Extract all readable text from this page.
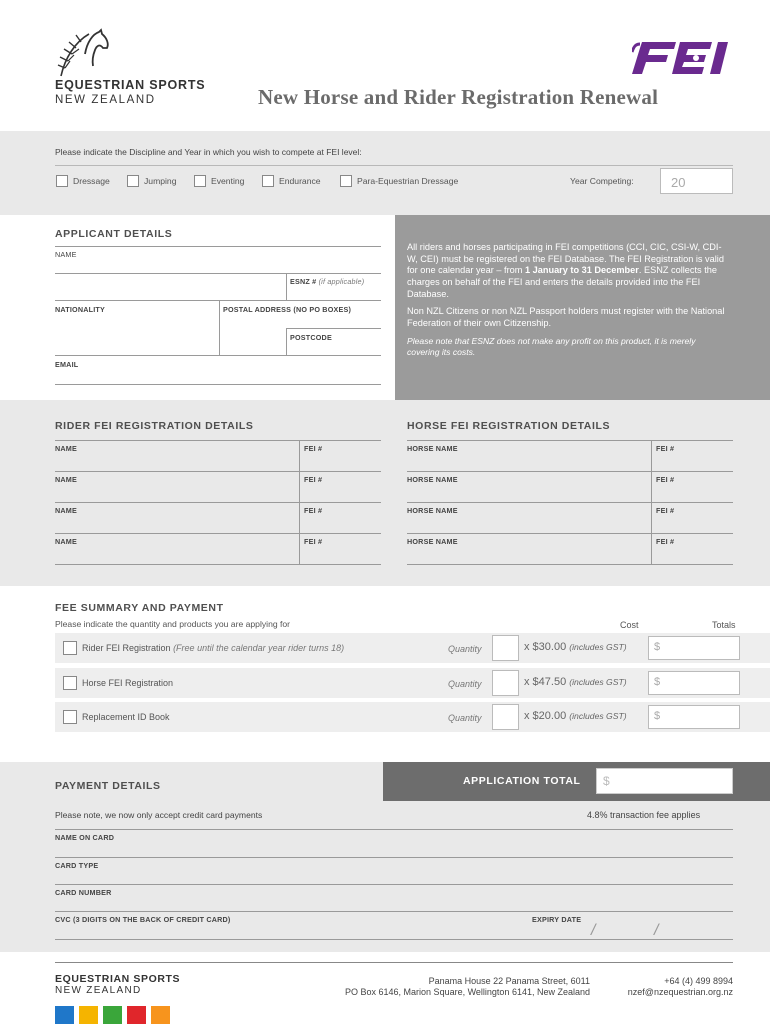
EQUESTRIAN SPORTS
NEW ZEALAND	New Horse and Rider Registration Renewal
Please indicate the Discipline and Year in which you wish to compete at FEI level:
Dressage	Jumping	Eventing	Endurance	Para-Equestrian Dressage	Year Competing:	20
APPLICANT DETAILS
NAME
ESNZ # (if applicable)
NATIONALITY	POSTAL ADDRESS (NO PO BOXES)
POSTCODE
EMAIL

All riders and horses participating in FEI competitions (CCI, CIC, CSI-W, CDI-W, CEI) must be registered on the FEI Database. The FEI Registration is valid for one calendar year – from 1 January to 31 December. ESNZ collects the charges on behalf of the FEI and enters the details provided into the FEI Database.

Non NZL Citizens or non NZL Passport holders must register with the National Federation of their own Citizenship.

Please note that ESNZ does not make any profit on this product, it is merely covering its costs.

RIDER FEI REGISTRATION DETAILS	HORSE FEI REGISTRATION DETAILS
NAME	FEI #	HORSE NAME	FEI #
NAME	FEI #	HORSE NAME	FEI #
NAME	FEI #	HORSE NAME	FEI #
NAME	FEI #	HORSE NAME	FEI #
FEE SUMMARY AND PAYMENT
Please indicate the quantity and products you are applying for	Cost	Totals
Rider FEI Registration (Free until the calendar year rider turns 18)	Quantity	x $30.00 (includes GST)	$
Horse FEI Registration	Quantity	x $47.50 (includes GST)	$
Replacement ID Book	Quantity	x $20.00 (includes GST)	$
APPLICATION TOTAL	$
PAYMENT DETAILS
Please note, we now only accept credit card payments	4.8% transaction fee applies
NAME ON CARD
CARD TYPE
CARD NUMBER
CVC (3 DIGITS ON THE BACK OF CREDIT CARD)	EXPIRY DATE
/	/
EQUESTRIAN SPORTS
NEW ZEALAND
Panama House 22 Panama Street, 6011
PO Box 6146, Marion Square, Wellington 6141, New Zealand
+64 (4) 499 8994
nzef@nzequestrian.org.nz
